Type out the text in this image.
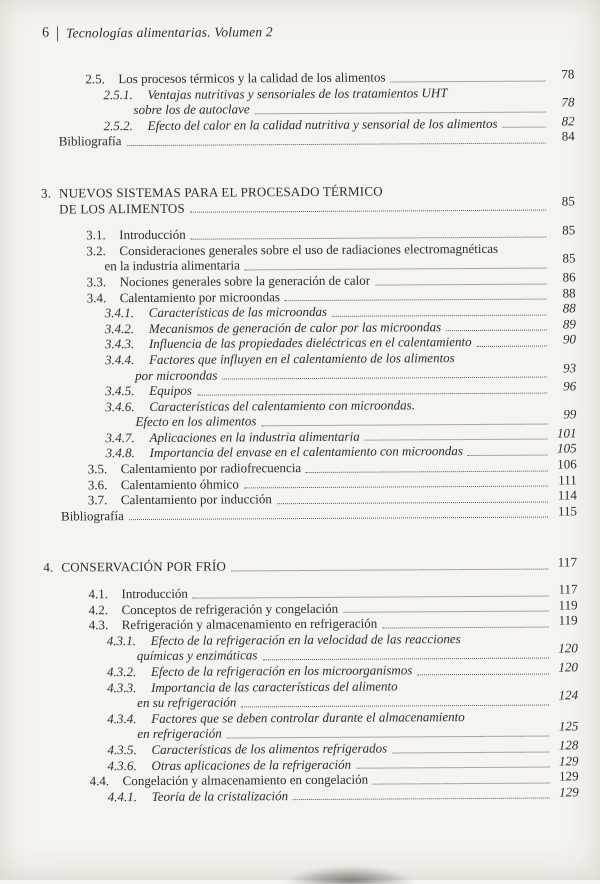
6 Tecnologías alimentarias. Volumen 2
2.5.	Los procesos térmicos y la calidad de los alimentos	78
2.5.1.	Ventajas nutritivas y sensoriales de los tratamientos UHT
sobre los de autoclave	78
2.5.2.	Efecto del calor en la calidad nutritiva y sensorial de los alimentos	82
Bibliografía	84
3. NUEVOS SISTEMAS PARA EL PROCESADO TÉRMICO
DE LOS ALIMENTOS	85
3.1.	Introducción	85
3.2.	Consideraciones generales sobre el uso de radiaciones electromagnéticas
en la industria alimentaria	85
3.3.	Nociones generales sobre la generación de calor	86
3.4.	Calentamiento por microondas	88
3.4.1.	Características de las microondas	88
3.4.2.	Mecanismos de generación de calor por las microondas	89
3.4.3.	Influencia de las propiedades dieléctricas en el calentamiento	90
3.4.4.	Factores que influyen en el calentamiento de los alimentos
por microondas	93
3.4.5.	Equipos	96
3.4.6.	Características del calentamiento con microondas.
Efecto en los alimentos	99
3.4.7.	Aplicaciones en la industria alimentaria	101
3.4.8.	Importancia del envase en el calentamiento con microondas	105
3.5.	Calentamiento por radiofrecuencia	106
3.6.	Calentamiento óhmico	111
3.7.	Calentamiento por inducción	114
Bibliografía	115
4. CONSERVACIÓN POR FRÍO	117
4.1.	Introducción	117
4.2.	Conceptos de refrigeración y congelación	119
4.3.	Refrigeración y almacenamiento en refrigeración	119
4.3.1.	Efecto de la refrigeración en la velocidad de las reacciones
químicas y enzimáticas	120
4.3.2.	Efecto de la refrigeración en los microorganismos	120
4.3.3.	Importancia de las características del alimento
en su refrigeración	124
4.3.4.	Factores que se deben controlar durante el almacenamiento
en refrigeración	125
4.3.5.	Características de los alimentos refrigerados	128
4.3.6.	Otras aplicaciones de la refrigeración	129
4.4.	Congelación y almacenamiento en congelación	129
4.4.1.	Teoría de la cristalización	129
